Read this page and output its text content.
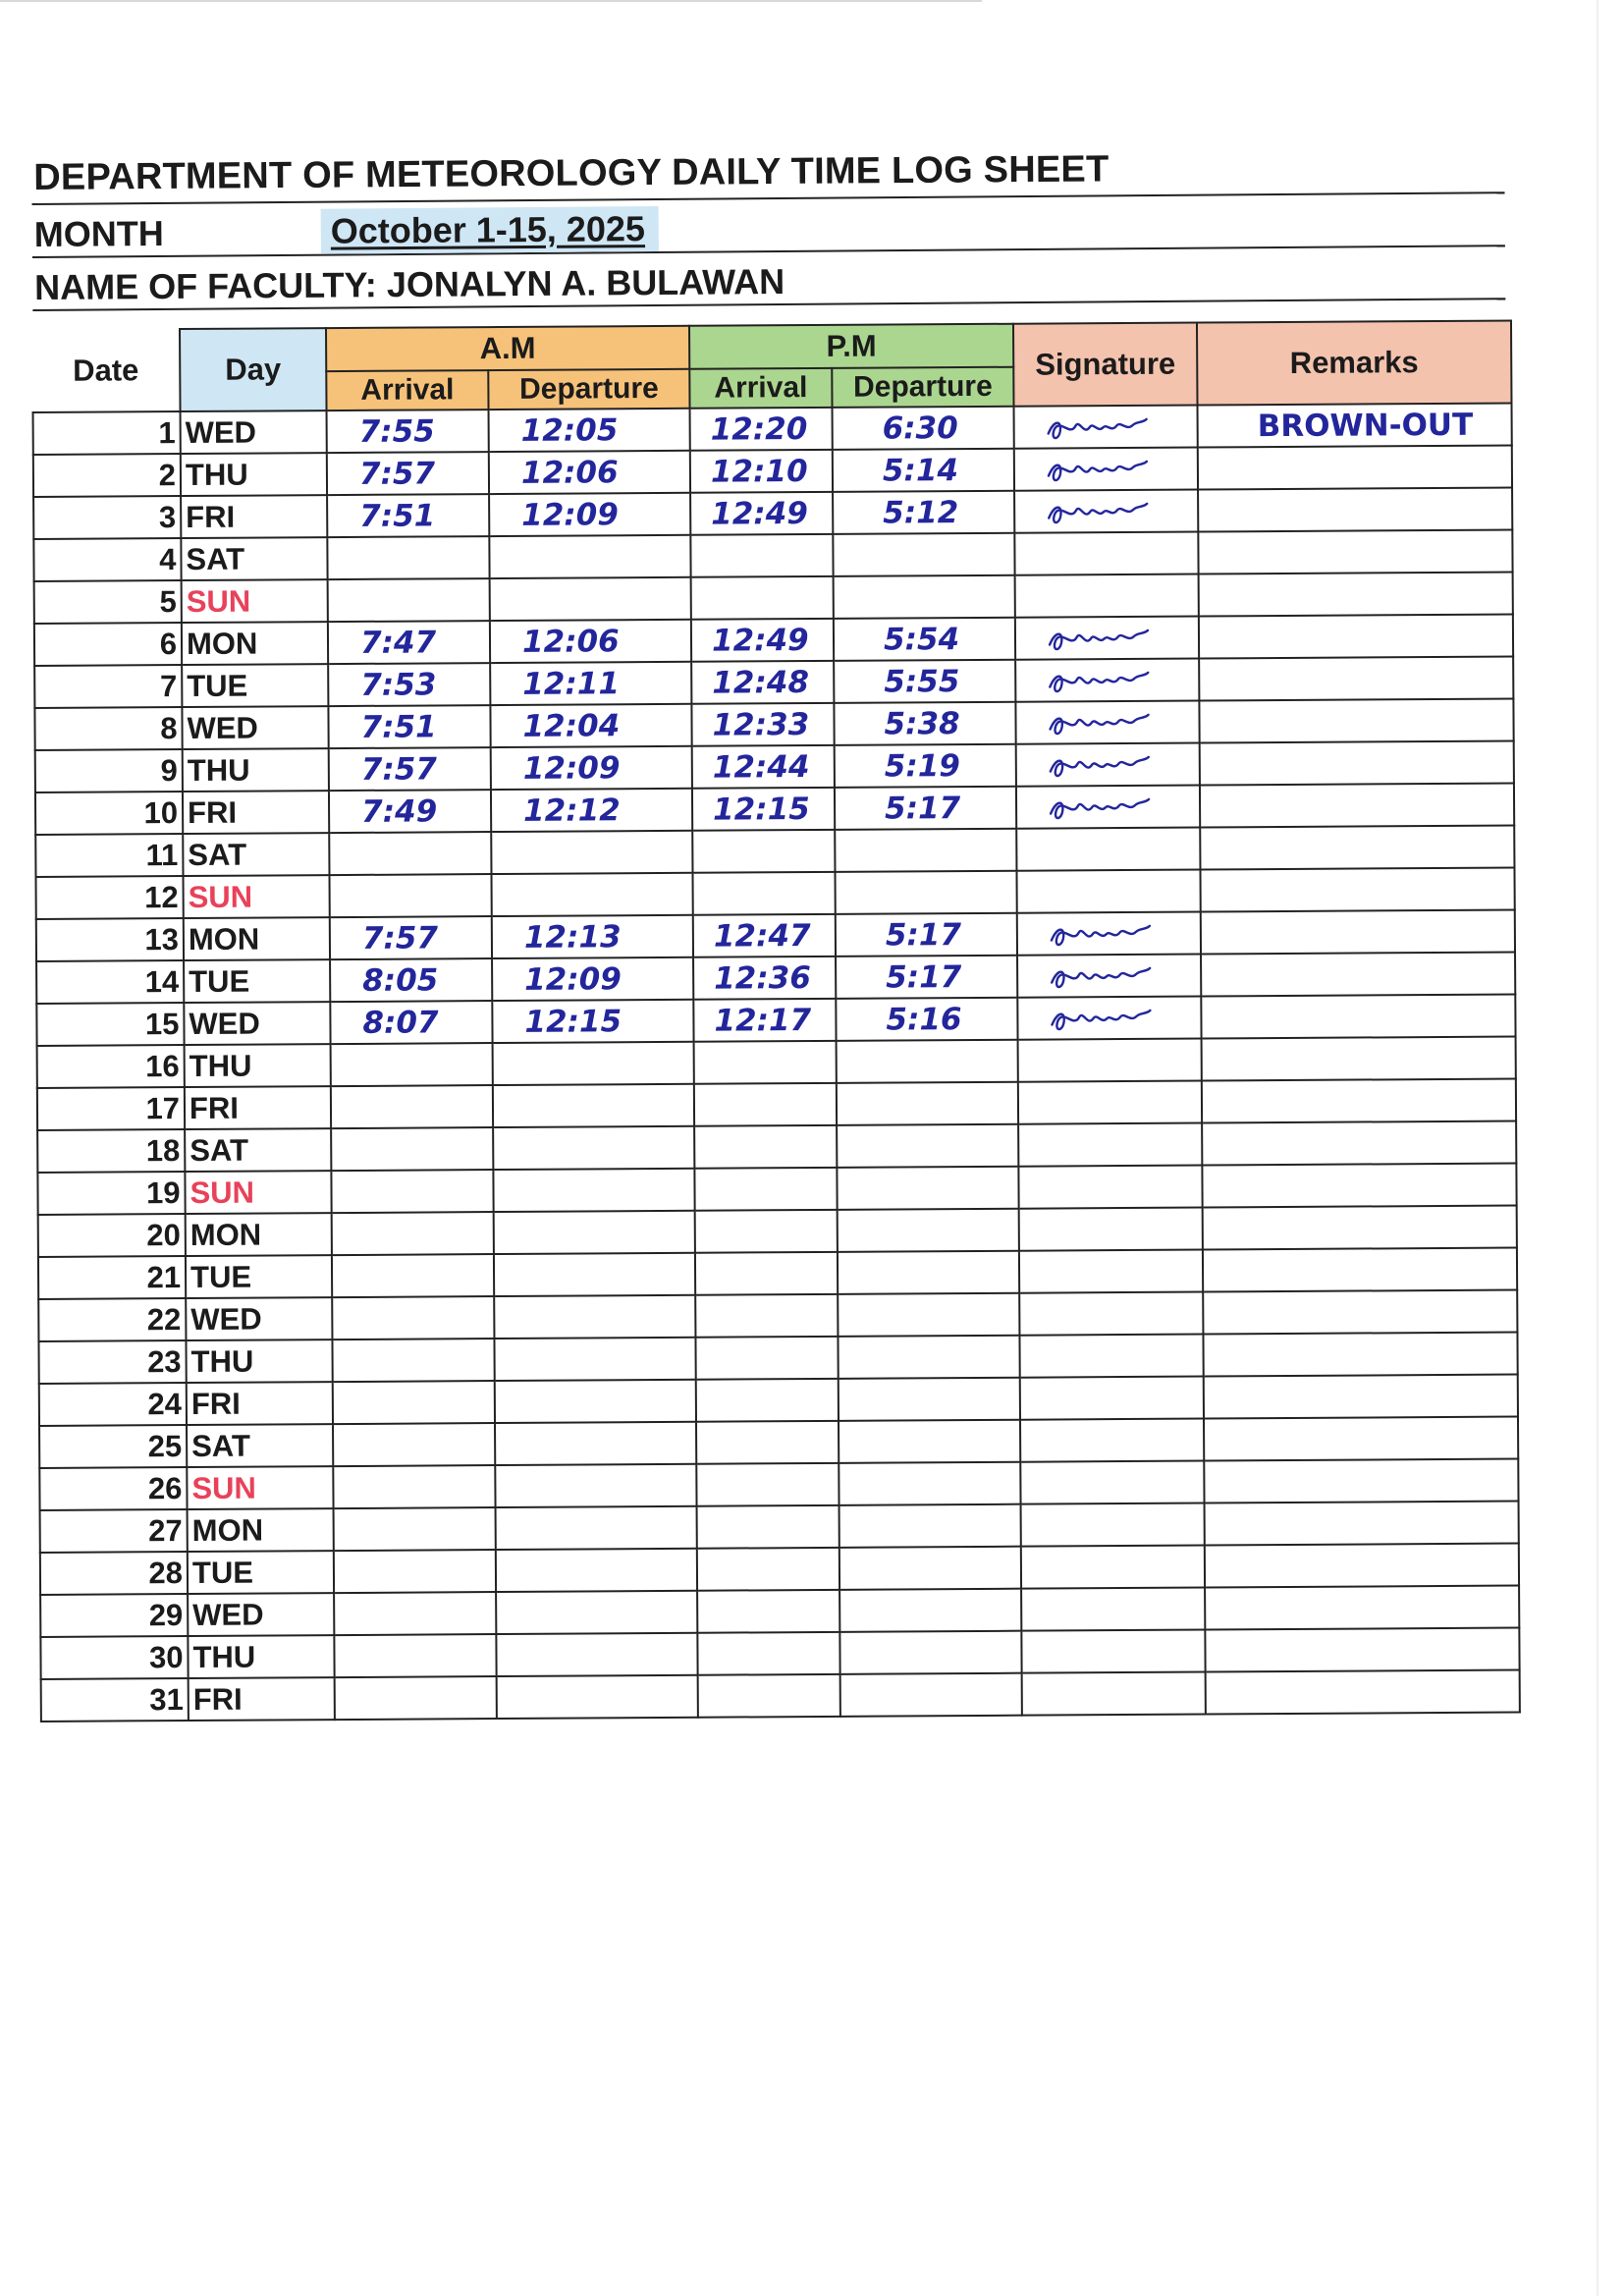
DEPARTMENT OF METEOROLOGY DAILY TIME LOG SHEET
MONTH	October 1-15, 2025
NAME OF FACULTY: JONALYN A. BULAWAN
Date	Day	A.M		P.M		Signature	Remarks
		Arrival	Departure	Arrival	Departure		
1	WED	7:55	12:05	12:20	6:30		BROWN-OUT
2	THU	7:57	12:06	12:10	5:14		
3	FRI	7:51	12:09	12:49	5:12		
4	SAT						
5	SUN						
6	MON	7:47	12:06	12:49	5:54		
7	TUE	7:53	12:11	12:48	5:55		
8	WED	7:51	12:04	12:33	5:38		
9	THU	7:57	12:09	12:44	5:19		
10	FRI	7:49	12:12	12:15	5:17		
11	SAT						
12	SUN						
13	MON	7:57	12:13	12:47	5:17		
14	TUE	8:05	12:09	12:36	5:17		
15	WED	8:07	12:15	12:17	5:16		
16	THU						
17	FRI						
18	SAT						
19	SUN						
20	MON						
21	TUE						
22	WED						
23	THU						
24	FRI						
25	SAT						
26	SUN						
27	MON						
28	TUE						
29	WED						
30	THU						
31	FRI						
